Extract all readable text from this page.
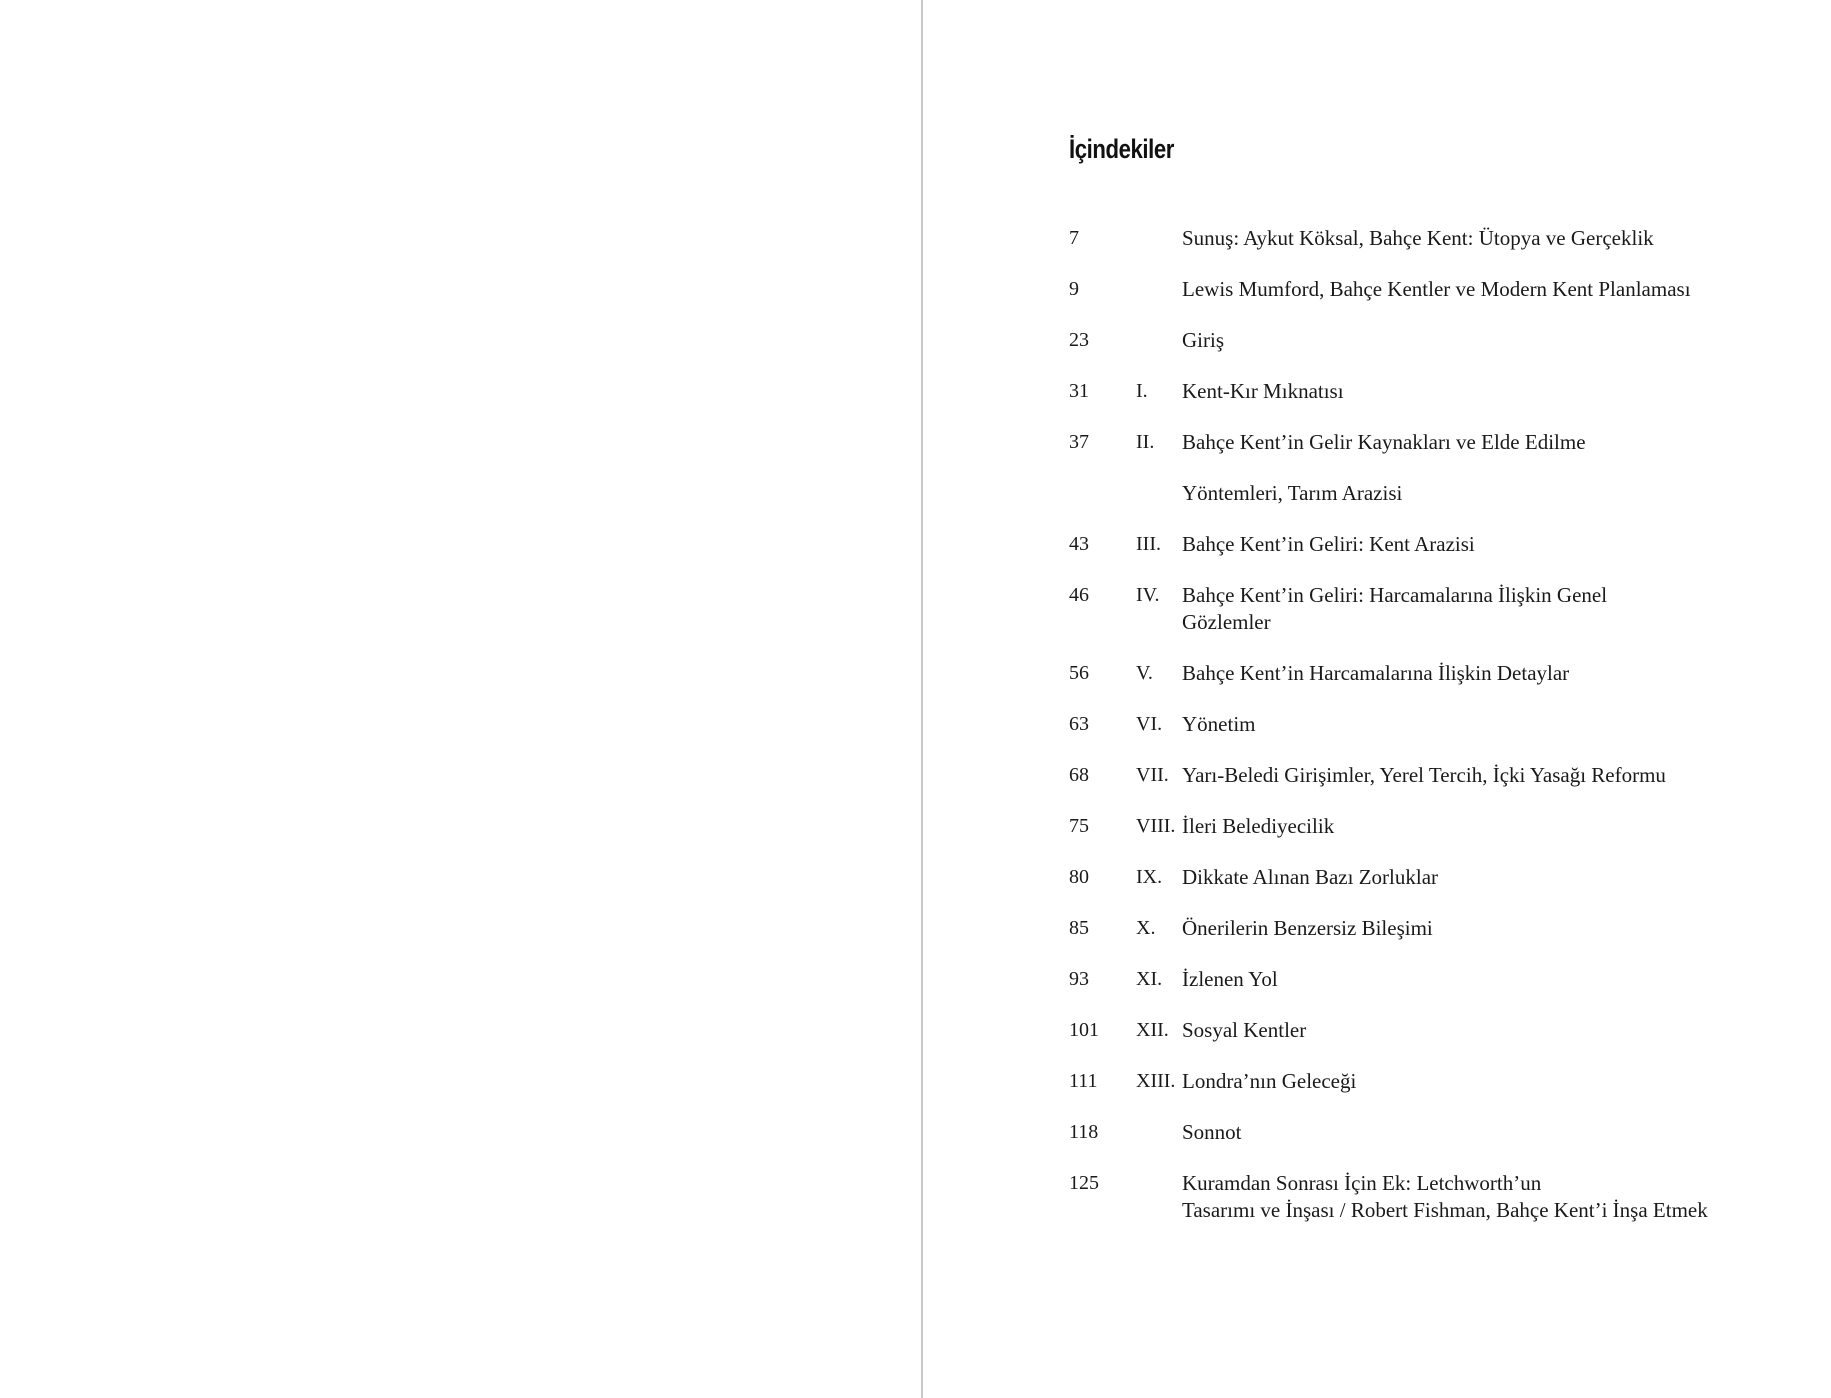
İçindekiler
7	Sunuş: Aykut Köksal, Bahçe Kent: Ütopya ve Gerçeklik
9	Lewis Mumford, Bahçe Kentler ve Modern Kent Planlaması
23	Giriş
31	I.	Kent-Kır Mıknatısı
37	II.	Bahçe Kent’in Gelir Kaynakları ve Elde Edilme
Yöntemleri, Tarım Arazisi
43	III.	Bahçe Kent’in Geliri: Kent Arazisi
46	IV.	Bahçe Kent’in Geliri: Harcamalarına İlişkin Genel
Gözlemler
56	V.	Bahçe Kent’in Harcamalarına İlişkin Detaylar
63	VI. Yönetim
68	VII. Yarı-Beledi Girişimler, Yerel Tercih, İçki Yasağı Reformu
75	VIII. İleri Belediyecilik
80	IX. Dikkate Alınan Bazı Zorluklar
85	X.	Önerilerin Benzersiz Bileşimi
93	XI. İzlenen Yol
101	XII. Sosyal Kentler
111	XIII. Londra’nın Geleceği
118	Sonnot
125	Kuramdan Sonrası İçin Ek: Letchworth’un
Tasarımı ve İnşası / Robert Fishman, Bahçe Kent’i İnşa Etmek
